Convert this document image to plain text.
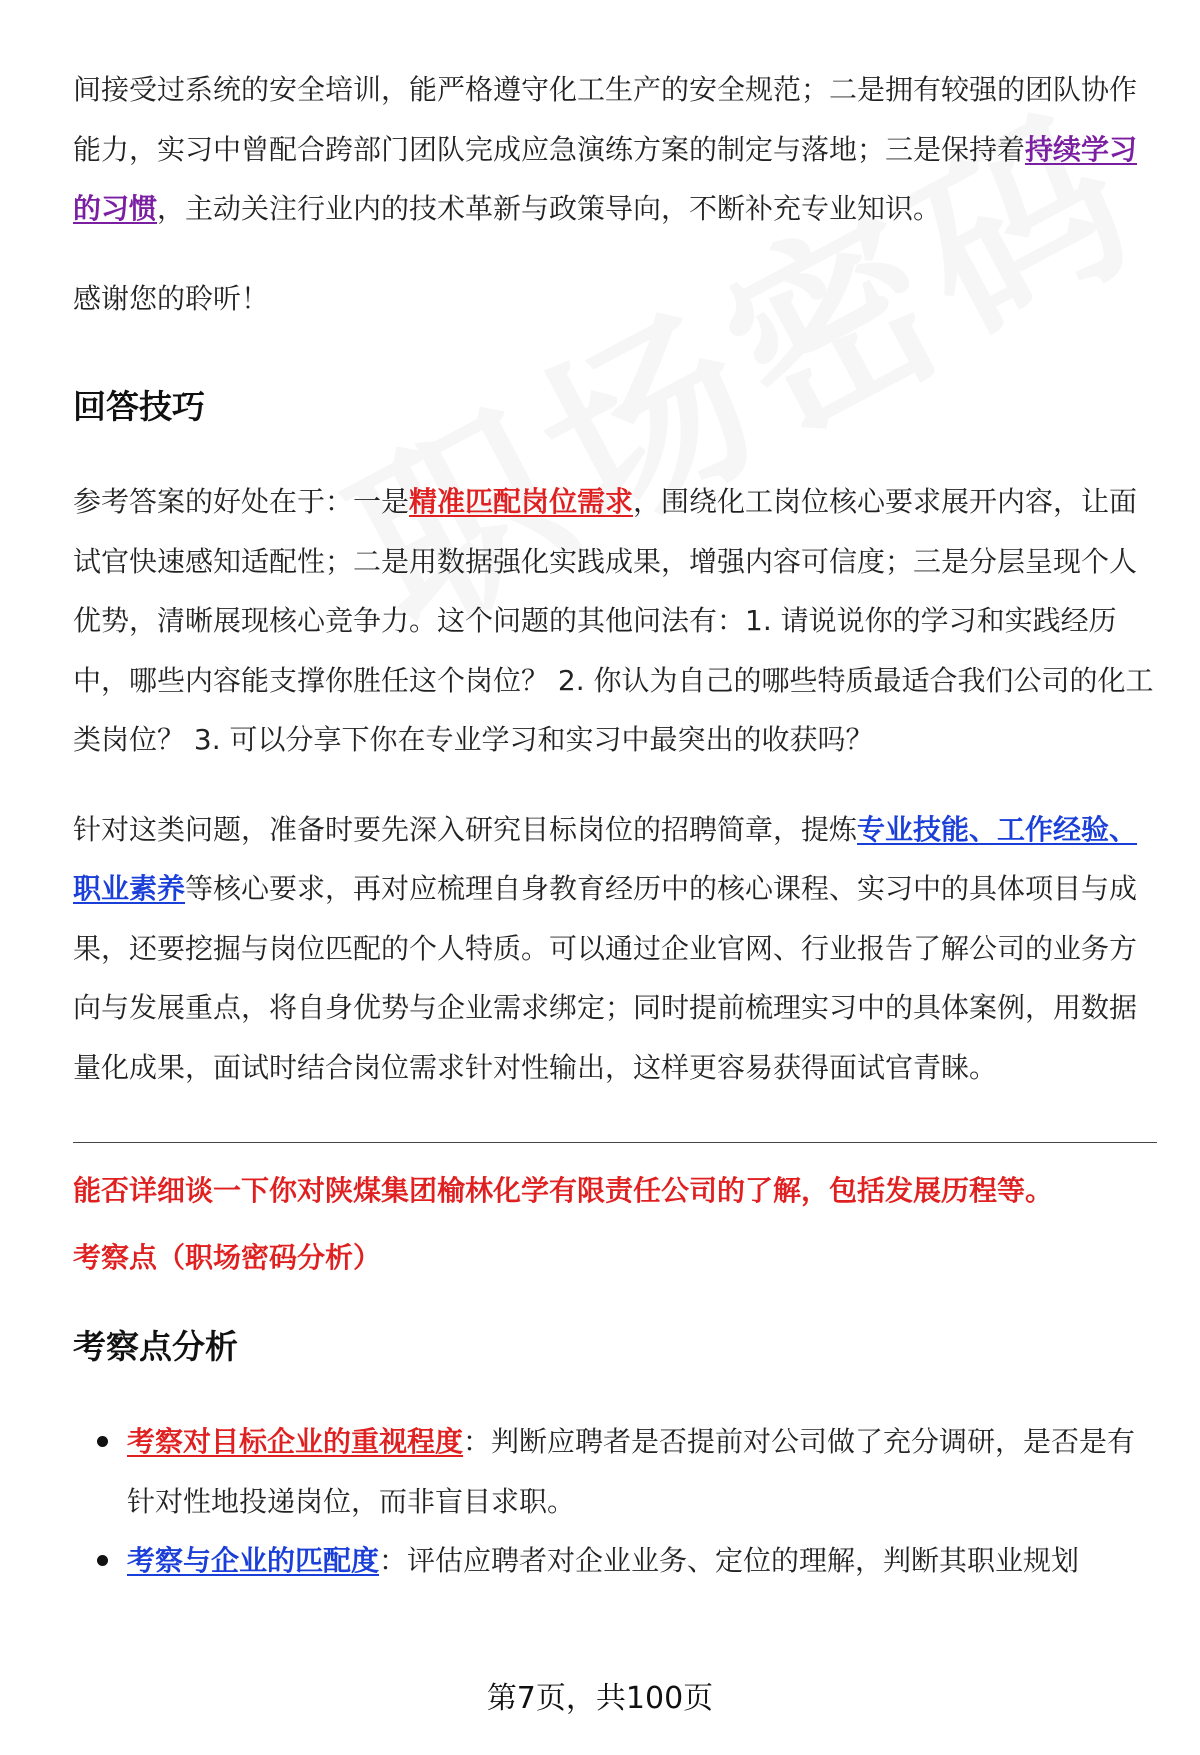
间接受过系统的安全培训，能严格遵守化工生产的安全规范；二是拥有较强的团队协作能力，实习中曾配合跨部门团队完成应急演练方案的制定与落地；三是保持着持续学习的习惯，主动关注行业内的技术革新与政策导向，不断补充专业知识。

感谢您的聆听！

回答技巧

参考答案的好处在于：一是精准匹配岗位需求，围绕化工岗位核心要求展开内容，让面试官快速感知适配性；二是用数据强化实践成果，增强内容可信度；三是分层呈现个人优势，清晰展现核心竞争力。这个问题的其他问法有：1. 请说说你的学习和实践经历中，哪些内容能支撑你胜任这个岗位？ 2. 你认为自己的哪些特质最适合我们公司的化工类岗位？ 3. 可以分享下你在专业学习和实习中最突出的收获吗？

针对这类问题，准备时要先深入研究目标岗位的招聘简章，提炼专业技能、工作经验、职业素养等核心要求，再对应梳理自身教育经历中的核心课程、实习中的具体项目与成果，还要挖掘与岗位匹配的个人特质。可以通过企业官网、行业报告了解公司的业务方向与发展重点，将自身优势与企业需求绑定；同时提前梳理实习中的具体案例，用数据量化成果，面试时结合岗位需求针对性输出，这样更容易获得面试官青睐。

能否详细谈一下你对陕煤集团榆林化学有限责任公司的了解，包括发展历程等。

考察点（职场密码分析）

考察点分析
考察对目标企业的重视程度：判断应聘者是否提前对公司做了充分调研，是否是有针对性地投递岗位，而非盲目求职。
考察与企业的匹配度：评估应聘者对企业业务、定位的理解，判断其职业规划
第7页，共100页
